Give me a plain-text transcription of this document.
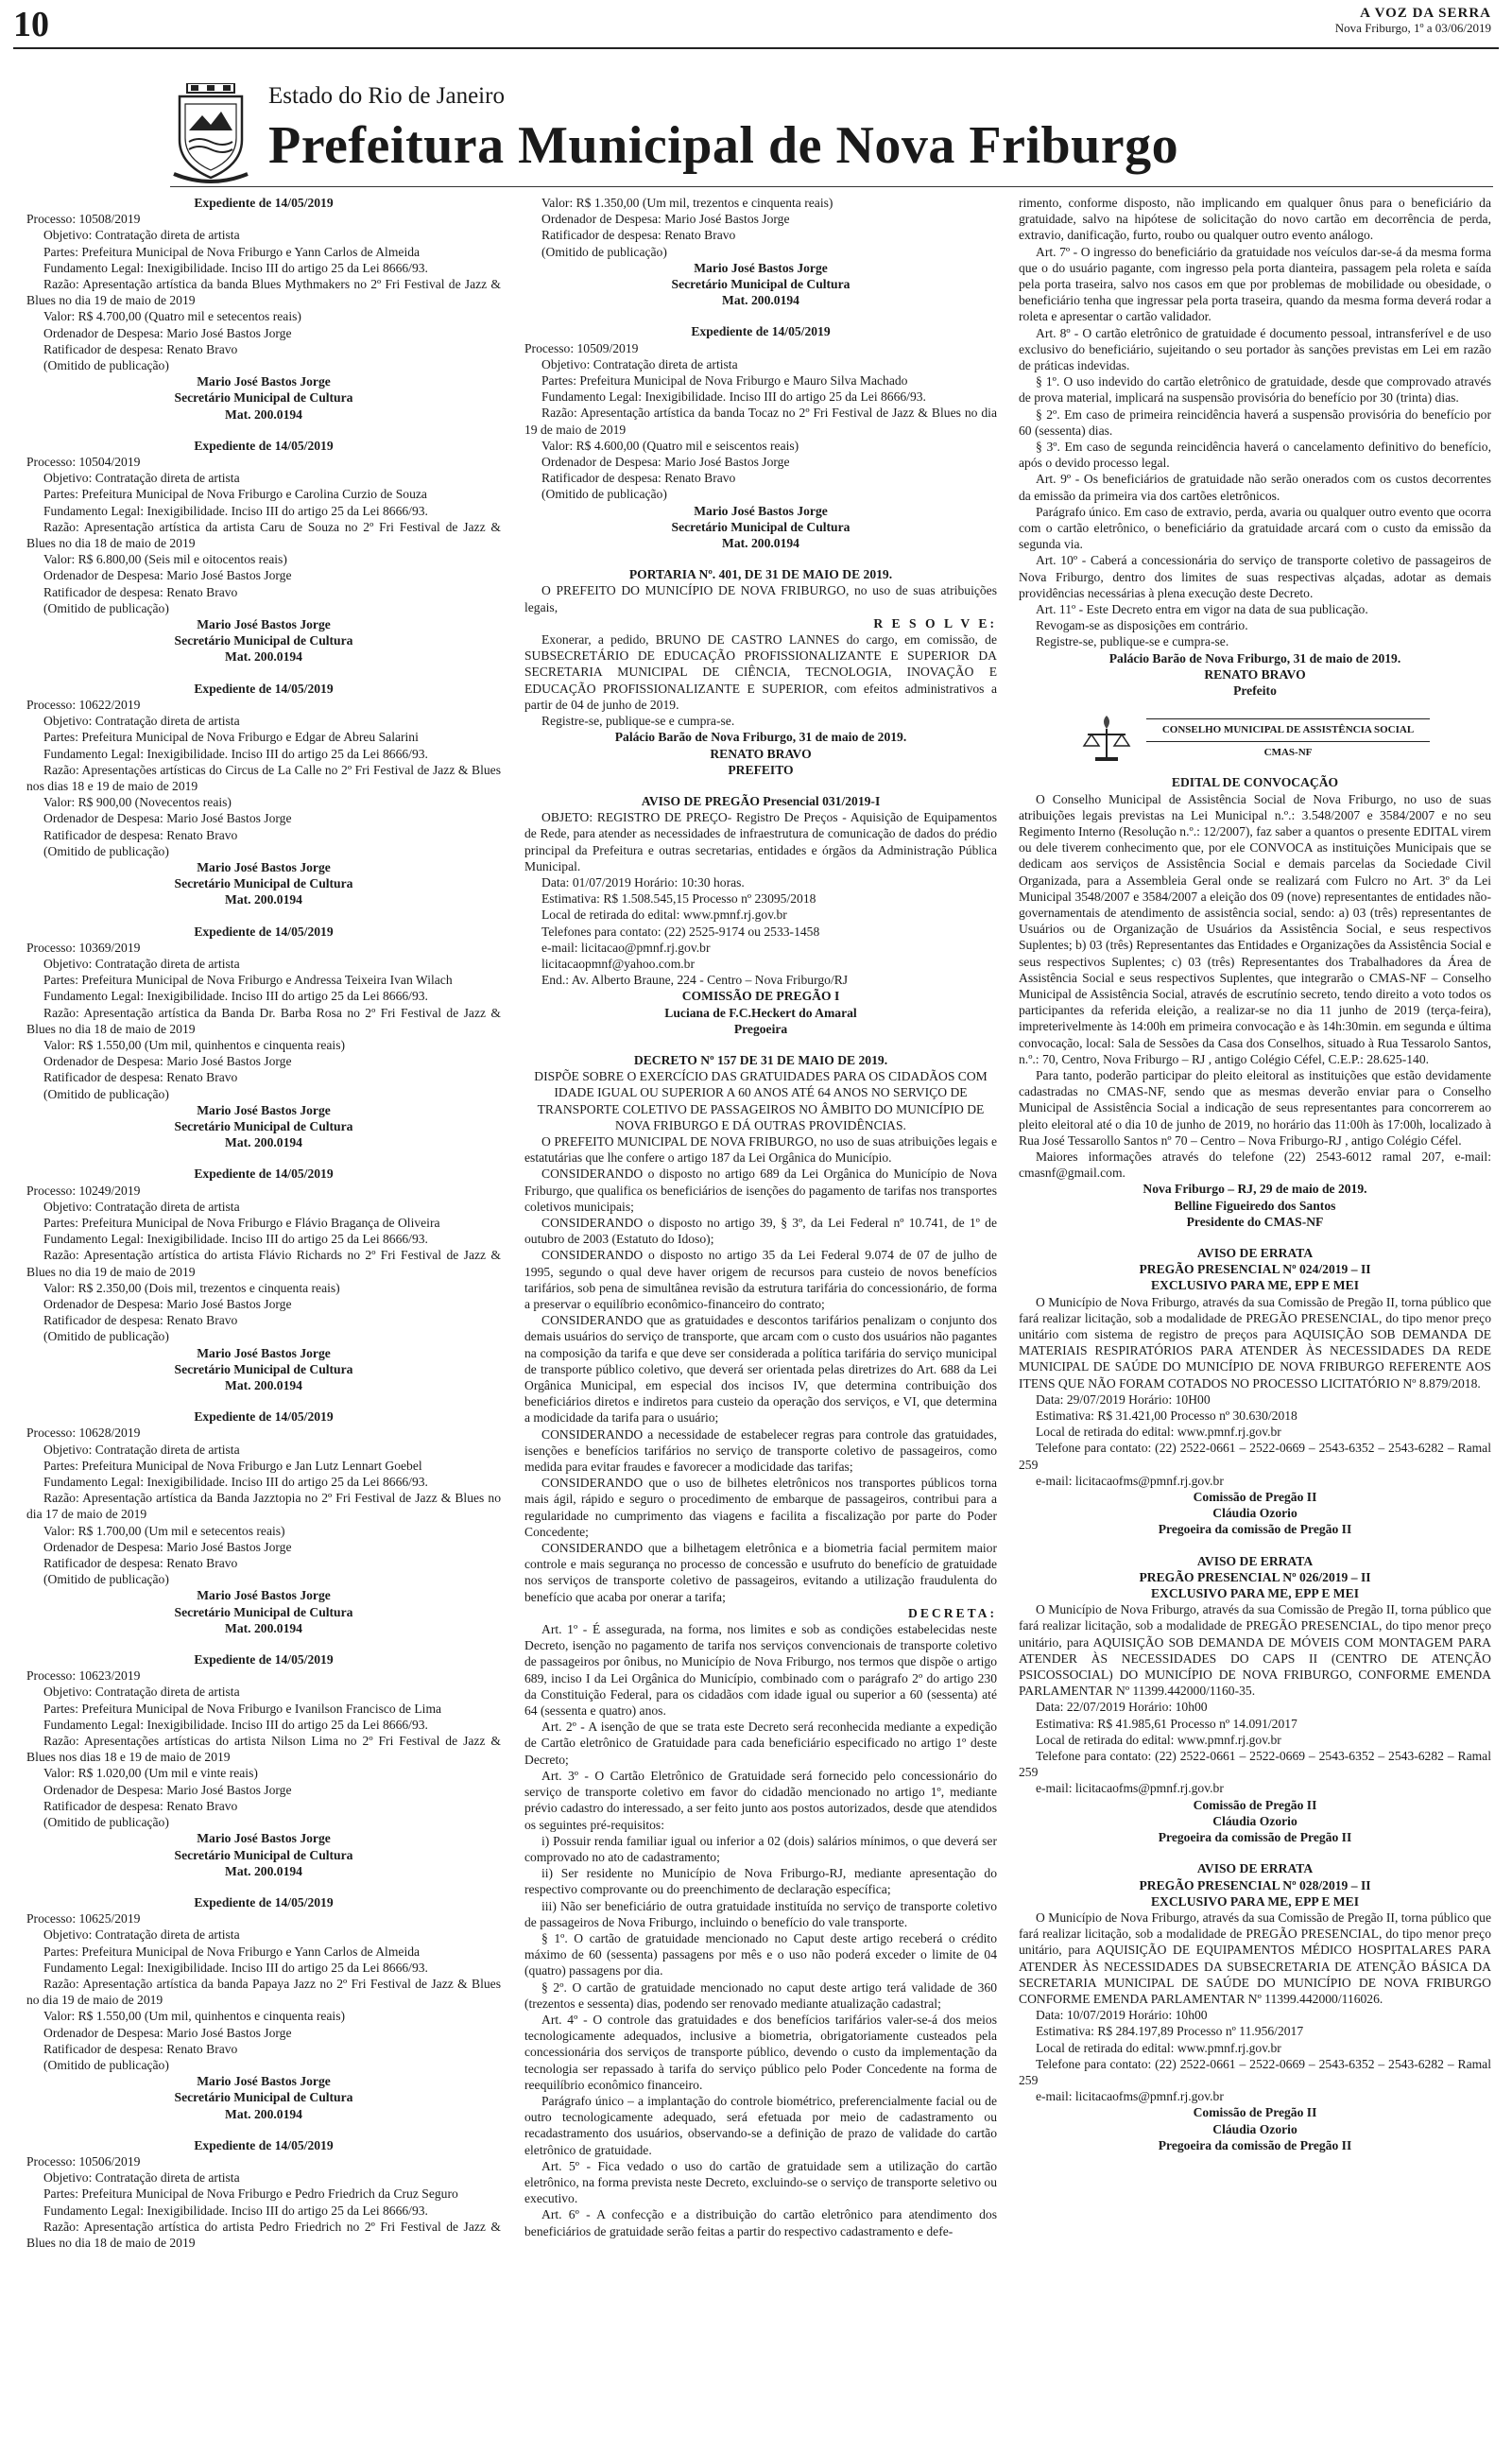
10	A VOZ DA SERRA
Nova Friburgo, 1º a 03/06/2019
Estado do Rio de Janeiro
Prefeitura Municipal de Nova Friburgo

Expediente de 14/05/2019

Processo: 10508/2019

Objetivo: Contratação direta de artista

Partes: Prefeitura Municipal de Nova Friburgo e Yann Carlos de Almeida

Fundamento Legal: Inexigibilidade. Inciso III do artigo 25 da Lei 8666/93.

Razão: Apresentação artística da banda Blues Mythmakers no 2º Fri Festival de Jazz & Blues no dia 19 de maio de 2019

Valor: R$ 4.700,00 (Quatro mil e setecentos reais)

Ordenador de Despesa: Mario José Bastos Jorge

Ratificador de despesa: Renato Bravo

(Omitido de publicação)

Mario José Bastos Jorge

Secretário Municipal de Cultura

Mat. 200.0194

Expediente de 14/05/2019

Processo: 10504/2019

Objetivo: Contratação direta de artista

Partes: Prefeitura Municipal de Nova Friburgo e Carolina Curzio de Souza

Fundamento Legal: Inexigibilidade. Inciso III do artigo 25 da Lei 8666/93.

Razão: Apresentação artística da artista Caru de Souza no 2º Fri Festival de Jazz & Blues no dia 18 de maio de 2019

Valor: R$ 6.800,00 (Seis mil e oitocentos reais)

Ordenador de Despesa: Mario José Bastos Jorge

Ratificador de despesa: Renato Bravo

(Omitido de publicação)

Mario José Bastos Jorge

Secretário Municipal de Cultura

Mat. 200.0194

Expediente de 14/05/2019

Processo: 10622/2019

Objetivo: Contratação direta de artista

Partes: Prefeitura Municipal de Nova Friburgo e Edgar de Abreu Salarini

Fundamento Legal: Inexigibilidade. Inciso III do artigo 25 da Lei 8666/93.

Razão: Apresentações artísticas do Circus de La Calle no 2º Fri Festival de Jazz & Blues nos dias 18 e 19 de maio de 2019

Valor: R$ 900,00 (Novecentos reais)

Ordenador de Despesa: Mario José Bastos Jorge

Ratificador de despesa: Renato Bravo

(Omitido de publicação)

Mario José Bastos Jorge

Secretário Municipal de Cultura

Mat. 200.0194

Expediente de 14/05/2019

Processo: 10369/2019

Objetivo: Contratação direta de artista

Partes: Prefeitura Municipal de Nova Friburgo e Andressa Teixeira Ivan Wilach

Fundamento Legal: Inexigibilidade. Inciso III do artigo 25 da Lei 8666/93.

Razão: Apresentação artística da Banda Dr. Barba Rosa no 2º Fri Festival de Jazz & Blues no dia 18 de maio de 2019

Valor: R$ 1.550,00 (Um mil, quinhentos e cinquenta reais)

Ordenador de Despesa: Mario José Bastos Jorge

Ratificador de despesa: Renato Bravo

(Omitido de publicação)

Mario José Bastos Jorge

Secretário Municipal de Cultura

Mat. 200.0194

Expediente de 14/05/2019

Processo: 10249/2019

Objetivo: Contratação direta de artista

Partes: Prefeitura Municipal de Nova Friburgo e Flávio Bragança de Oliveira

Fundamento Legal: Inexigibilidade. Inciso III do artigo 25 da Lei 8666/93.

Razão: Apresentação artística do artista Flávio Richards no 2º Fri Festival de Jazz & Blues no dia 19 de maio de 2019

Valor: R$ 2.350,00 (Dois mil, trezentos e cinquenta reais)

Ordenador de Despesa: Mario José Bastos Jorge

Ratificador de despesa: Renato Bravo

(Omitido de publicação)

Mario José Bastos Jorge

Secretário Municipal de Cultura

Mat. 200.0194

Expediente de 14/05/2019

Processo: 10628/2019

Objetivo: Contratação direta de artista

Partes: Prefeitura Municipal de Nova Friburgo e Jan Lutz Lennart Goebel

Fundamento Legal: Inexigibilidade. Inciso III do artigo 25 da Lei 8666/93.

Razão: Apresentação artística da Banda Jazztopia no 2º Fri Festival de Jazz & Blues no dia 17 de maio de 2019

Valor: R$ 1.700,00 (Um mil e setecentos reais)

Ordenador de Despesa: Mario José Bastos Jorge

Ratificador de despesa: Renato Bravo

(Omitido de publicação)

Mario José Bastos Jorge

Secretário Municipal de Cultura

Mat. 200.0194

Expediente de 14/05/2019

Processo: 10623/2019

Objetivo: Contratação direta de artista

Partes: Prefeitura Municipal de Nova Friburgo e Ivanilson Francisco de Lima

Fundamento Legal: Inexigibilidade. Inciso III do artigo 25 da Lei 8666/93.

Razão: Apresentações artísticas do artista Nilson Lima no 2º Fri Festival de Jazz & Blues nos dias 18 e 19 de maio de 2019

Valor: R$ 1.020,00 (Um mil e vinte reais)

Ordenador de Despesa: Mario José Bastos Jorge

Ratificador de despesa: Renato Bravo

(Omitido de publicação)

Mario José Bastos Jorge

Secretário Municipal de Cultura

Mat. 200.0194

Expediente de 14/05/2019

Processo: 10625/2019

Objetivo: Contratação direta de artista

Partes: Prefeitura Municipal de Nova Friburgo e Yann Carlos de Almeida

Fundamento Legal: Inexigibilidade. Inciso III do artigo 25 da Lei 8666/93.

Razão: Apresentação artística da banda Papaya Jazz no 2º Fri Festival de Jazz & Blues no dia 19 de maio de 2019

Valor: R$ 1.550,00 (Um mil, quinhentos e cinquenta reais)

Ordenador de Despesa: Mario José Bastos Jorge

Ratificador de despesa: Renato Bravo

(Omitido de publicação)

Mario José Bastos Jorge

Secretário Municipal de Cultura

Mat. 200.0194

Expediente de 14/05/2019

Processo: 10506/2019

Objetivo: Contratação direta de artista

Partes: Prefeitura Municipal de Nova Friburgo e Pedro Friedrich da Cruz Seguro

Fundamento Legal: Inexigibilidade. Inciso III do artigo 25 da Lei 8666/93.

Razão: Apresentação artística do artista Pedro Friedrich no 2º Fri Festival de Jazz & Blues no dia 18 de maio de 2019

Valor: R$ 1.350,00 (Um mil, trezentos e cinquenta reais)

Ordenador de Despesa: Mario José Bastos Jorge

Ratificador de despesa: Renato Bravo

(Omitido de publicação)

Mario José Bastos Jorge

Secretário Municipal de Cultura

Mat. 200.0194

Expediente de 14/05/2019

Processo: 10509/2019

Objetivo: Contratação direta de artista

Partes: Prefeitura Municipal de Nova Friburgo e Mauro Silva Machado

Fundamento Legal: Inexigibilidade. Inciso III do artigo 25 da Lei 8666/93.

Razão: Apresentação artística da banda Tocaz no 2º Fri Festival de Jazz & Blues no dia 19 de maio de 2019

Valor: R$ 4.600,00 (Quatro mil e seiscentos reais)

Ordenador de Despesa: Mario José Bastos Jorge

Ratificador de despesa: Renato Bravo

(Omitido de publicação)

Mario José Bastos Jorge

Secretário Municipal de Cultura

Mat. 200.0194

PORTARIA Nº. 401, DE 31 DE MAIO DE 2019.

O PREFEITO DO MUNICÍPIO DE NOVA FRIBURGO, no uso de suas atribuições legais,

R E S O L V E:

Exonerar, a pedido, BRUNO DE CASTRO LANNES do cargo, em comissão, de SUBSECRETÁRIO DE EDUCAÇÃO PROFISSIONALIZANTE E SUPERIOR DA SECRETARIA MUNICIPAL DE CIÊNCIA, TECNOLOGIA, INOVAÇÃO E EDUCAÇÃO PROFISSIONALIZANTE E SUPERIOR, com efeitos administrativos a partir de 04 de junho de 2019.

Registre-se, publique-se e cumpra-se.

Palácio Barão de Nova Friburgo, 31 de maio de 2019.

RENATO BRAVO

PREFEITO

AVISO DE PREGÃO Presencial 031/2019-I

OBJETO: REGISTRO DE PREÇO- Registro De Preços - Aquisição de Equipamentos de Rede, para atender as necessidades de infraestrutura de comunicação de dados do prédio principal da Prefeitura e outras secretarias, entidades e órgãos da Administração Pública Municipal.

Data: 01/07/2019 Horário: 10:30 horas.

Estimativa: R$ 1.508.545,15 Processo nº 23095/2018

Local de retirada do edital: www.pmnf.rj.gov.br

Telefones para contato: (22) 2525-9174 ou 2533-1458

e-mail: licitacao@pmnf.rj.gov.br

licitacaopmnf@yahoo.com.br

End.: Av. Alberto Braune, 224 - Centro – Nova Friburgo/RJ

COMISSÃO DE PREGÃO I

Luciana de F.C.Heckert do Amaral

Pregoeira

DECRETO Nº 157 DE 31 DE MAIO DE 2019.

DISPÕE SOBRE O EXERCÍCIO DAS GRATUIDADES PARA OS CIDADÃOS COM IDADE IGUAL OU SUPERIOR A 60 ANOS ATÉ 64 ANOS NO SERVIÇO DE TRANSPORTE COLETIVO DE PASSAGEIROS NO ÂMBITO DO MUNICÍPIO DE NOVA FRIBURGO E DÁ OUTRAS PROVIDÊNCIAS.

O PREFEITO MUNICIPAL DE NOVA FRIBURGO, no uso de suas atribuições legais e estatutárias que lhe confere o artigo 187 da Lei Orgânica do Município.

CONSIDERANDO o disposto no artigo 689 da Lei Orgânica do Município de Nova Friburgo, que qualifica os beneficiários de isenções do pagamento de tarifas nos transportes coletivos municipais;

CONSIDERANDO o disposto no artigo 39, § 3º, da Lei Federal nº 10.741, de 1º de outubro de 2003 (Estatuto do Idoso);

CONSIDERANDO o disposto no artigo 35 da Lei Federal 9.074 de 07 de julho de 1995, segundo o qual deve haver origem de recursos para custeio de novos benefícios tarifários, sob pena de simultânea revisão da estrutura tarifária do concessionário, de forma a preservar o equilíbrio econômico-financeiro do contrato;

CONSIDERANDO que as gratuidades e descontos tarifários penalizam o conjunto dos demais usuários do serviço de transporte, que arcam com o custo dos usuários não pagantes na composição da tarifa e que deve ser considerada a política tarifária do serviço municipal de transporte público coletivo, que deverá ser orientada pelas diretrizes do Art. 688 da Lei Orgânica Municipal, em especial dos incisos IV, que determina contribuição dos beneficiários diretos e indiretos para custeio da operação dos serviços, e VI, que determina a modicidade da tarifa para o usuário;

CONSIDERANDO a necessidade de estabelecer regras para controle das gratuidades, isenções e benefícios tarifários no serviço de transporte coletivo de passageiros, como medida para evitar fraudes e favorecer a modicidade das tarifas;

CONSIDERANDO que o uso de bilhetes eletrônicos nos transportes públicos torna mais ágil, rápido e seguro o procedimento de embarque de passageiros, contribui para a regularidade no cumprimento das viagens e facilita a fiscalização por parte do Poder Concedente;

CONSIDERANDO que a bilhetagem eletrônica e a biometria facial permitem maior controle e mais segurança no processo de concessão e usufruto do benefício de gratuidade nos serviços de transporte coletivo de passageiros, evitando a utilização fraudulenta do benefício que acaba por onerar a tarifa;

DECRETA:

Art. 1º - É assegurada, na forma, nos limites e sob as condições estabelecidas neste Decreto, isenção no pagamento de tarifa nos serviços convencionais de transporte coletivo de passageiros por ônibus, no Município de Nova Friburgo, nos termos que dispõe o artigo 689, inciso I da Lei Orgânica do Município, combinado com o parágrafo 2º do artigo 230 da Constituição Federal, para os cidadãos com idade igual ou superior a 60 (sessenta) até 64 (sessenta e quatro) anos.

Art. 2º - A isenção de que se trata este Decreto será reconhecida mediante a expedição de Cartão eletrônico de Gratuidade para cada beneficiário especificado no artigo 1º deste Decreto;

Art. 3º - O Cartão Eletrônico de Gratuidade será fornecido pelo concessionário do serviço de transporte coletivo em favor do cidadão mencionado no artigo 1º, mediante prévio cadastro do interessado, a ser feito junto aos postos autorizados, desde que atendidos os seguintes pré-requisitos:

i) Possuir renda familiar igual ou inferior a 02 (dois) salários mínimos, o que deverá ser comprovado no ato de cadastramento;

ii) Ser residente no Município de Nova Friburgo-RJ, mediante apresentação do respectivo comprovante ou do preenchimento de declaração específica;

iii) Não ser beneficiário de outra gratuidade instituída no serviço de transporte coletivo de passageiros de Nova Friburgo, incluindo o benefício do vale transporte.

§ 1º. O cartão de gratuidade mencionado no Caput deste artigo receberá o crédito máximo de 60 (sessenta) passagens por mês e o uso não poderá exceder o limite de 04 (quatro) passagens por dia.

§ 2º. O cartão de gratuidade mencionado no caput deste artigo terá validade de 360 (trezentos e sessenta) dias, podendo ser renovado mediante atualização cadastral;

Art. 4º - O controle das gratuidades e dos benefícios tarifários valer-se-á dos meios tecnologicamente adequados, inclusive a biometria, obrigatoriamente custeados pela concessionária dos serviços de transporte público, devendo o custo da implementação da tecnologia ser repassado à tarifa do serviço público pelo Poder Concedente na forma de reequilíbrio econômico financeiro.

Parágrafo único – a implantação do controle biométrico, preferencialmente facial ou de outro tecnologicamente adequado, será efetuada por meio de cadastramento ou recadastramento dos usuários, observando-se a definição de prazo de validade do cartão eletrônico de gratuidade.

Art. 5º - Fica vedado o uso do cartão de gratuidade sem a utilização do cartão eletrônico, na forma prevista neste Decreto, excluindo-se o serviço de transporte seletivo ou executivo.

Art. 6º - A confecção e a distribuição do cartão eletrônico para atendimento dos beneficiários de gratuidade serão feitas a partir do respectivo cadastramento e defe-

rimento, conforme disposto, não implicando em qualquer ônus para o beneficiário da gratuidade, salvo na hipótese de solicitação do novo cartão em decorrência de perda, extravio, danificação, furto, roubo ou qualquer outro evento análogo.

Art. 7º - O ingresso do beneficiário da gratuidade nos veículos dar-se-á da mesma forma que o do usuário pagante, com ingresso pela porta dianteira, passagem pela roleta e saída pela porta traseira, salvo nos casos em que por problemas de mobilidade ou obesidade, o beneficiário tenha que ingressar pela porta traseira, quando da mesma forma deverá rodar a roleta e apresentar o cartão validador.

Art. 8º - O cartão eletrônico de gratuidade é documento pessoal, intransferível e de uso exclusivo do beneficiário, sujeitando o seu portador às sanções previstas em Lei em razão de práticas indevidas.

§ 1º. O uso indevido do cartão eletrônico de gratuidade, desde que comprovado através de prova material, implicará na suspensão provisória do benefício por 30 (trinta) dias.

§ 2º. Em caso de primeira reincidência haverá a suspensão provisória do benefício por 60 (sessenta) dias.

§ 3º. Em caso de segunda reincidência haverá o cancelamento definitivo do benefício, após o devido processo legal.

Art. 9º - Os beneficiários de gratuidade não serão onerados com os custos decorrentes da emissão da primeira via dos cartões eletrônicos.

Parágrafo único. Em caso de extravio, perda, avaria ou qualquer outro evento que ocorra com o cartão eletrônico, o beneficiário da gratuidade arcará com o custo da emissão da segunda via.

Art. 10º - Caberá a concessionária do serviço de transporte coletivo de passageiros de Nova Friburgo, dentro dos limites de suas respectivas alçadas, adotar as demais providências necessárias à plena execução deste Decreto.

Art. 11º - Este Decreto entra em vigor na data de sua publicação.

Revogam-se as disposições em contrário.

Registre-se, publique-se e cumpra-se.

Palácio Barão de Nova Friburgo, 31 de maio de 2019.

RENATO BRAVO

Prefeito

CONSELHO MUNICIPAL DE ASSISTÊNCIA SOCIAL
CMAS-NF

EDITAL DE CONVOCAÇÃO

O Conselho Municipal de Assistência Social de Nova Friburgo, no uso de suas atribuições legais previstas na Lei Municipal n.º.: 3.548/2007 e 3584/2007 e no seu Regimento Interno (Resolução n.º.: 12/2007), faz saber a quantos o presente EDITAL virem ou dele tiverem conhecimento que, por ele CONVOCA as instituições Municipais que se dedicam aos serviços de Assistência Social e demais parcelas da Sociedade Civil Organizada, para a Assembleia Geral onde se realizará com Fulcro no Art. 3º da Lei Municipal 3548/2007 e 3584/2007 a eleição dos 09 (nove) representantes de entidades não-governamentais de atendimento de assistência social, sendo: a) 03 (três) representantes de Usuários ou de Organização de Usuários da Assistência Social, e seus respectivos Suplentes; b) 03 (três) Representantes das Entidades e Organizações da Assistência Social e seus respectivos Suplentes; c) 03 (três) Representantes dos Trabalhadores da Área de Assistência Social e seus respectivos Suplentes, que integrarão o CMAS-NF – Conselho Municipal de Assistência Social, através de escrutínio secreto, tendo direito a voto todos os participantes da referida eleição, a realizar-se no dia 11 junho de 2019 (terça-feira), impreterivelmente às 14:00h em primeira convocação e às 14h:30min. em segunda e última convocação, local: Sala de Sessões da Casa dos Conselhos, situado à Rua Tessarolo Santos, n.º.: 70, Centro, Nova Friburgo – RJ , antigo Colégio Céfel, C.E.P.: 28.625-140.

Para tanto, poderão participar do pleito eleitoral as instituições que estão devidamente cadastradas no CMAS-NF, sendo que as mesmas deverão enviar para o Conselho Municipal de Assistência Social a indicação de seus representantes para concorrerem ao pleito eleitoral até o dia 10 de junho de 2019, no horário das 11:00h às 17:00h, localizado à Rua José Tessarollo Santos nº 70 – Centro – Nova Friburgo-RJ , antigo Colégio Céfel.

Maiores informações através do telefone (22) 2543-6012 ramal 207, e-mail: cmasnf@gmail.com.

Nova Friburgo – RJ, 29 de maio de 2019.

Belline Figueiredo dos Santos

Presidente do CMAS-NF

AVISO DE ERRATA

PREGÃO PRESENCIAL Nº 024/2019 – II

EXCLUSIVO PARA ME, EPP E MEI

O Município de Nova Friburgo, através da sua Comissão de Pregão II, torna público que fará realizar licitação, sob a modalidade de PREGÃO PRESENCIAL, do tipo menor preço unitário com sistema de registro de preços para AQUISIÇÃO SOB DEMANDA DE MATERIAIS RESPIRATÓRIOS PARA ATENDER ÀS NECESSIDADES DA REDE MUNICIPAL DE SAÚDE DO MUNICÍPIO DE NOVA FRIBURGO REFERENTE AOS ITENS QUE NÃO FORAM COTADOS NO PROCESSO LICITATÓRIO Nº 8.879/2018.

Data: 29/07/2019 Horário: 10H00

Estimativa: R$ 31.421,00 Processo nº 30.630/2018

Local de retirada do edital: www.pmnf.rj.gov.br

Telefone para contato: (22) 2522-0661 – 2522-0669 – 2543-6352 – 2543-6282 – Ramal 259

e-mail: licitacaofms@pmnf.rj.gov.br

Comissão de Pregão II

Cláudia Ozorio

Pregoeira da comissão de Pregão II

AVISO DE ERRATA

PREGÃO PRESENCIAL Nº 026/2019 – II

EXCLUSIVO PARA ME, EPP E MEI

O Município de Nova Friburgo, através da sua Comissão de Pregão II, torna público que fará realizar licitação, sob a modalidade de PREGÃO PRESENCIAL, do tipo menor preço unitário, para AQUISIÇÃO SOB DEMANDA DE MÓVEIS COM MONTAGEM PARA ATENDER ÀS NECESSIDADES DO CAPS II (CENTRO DE ATENÇÃO PSICOSSOCIAL) DO MUNICÍPIO DE NOVA FRIBURGO, CONFORME EMENDA PARLAMENTAR Nº 11399.442000/1160-35.

Data: 22/07/2019 Horário: 10h00

Estimativa: R$ 41.985,61 Processo nº 14.091/2017

Local de retirada do edital: www.pmnf.rj.gov.br

Telefone para contato: (22) 2522-0661 – 2522-0669 – 2543-6352 – 2543-6282 – Ramal 259

e-mail: licitacaofms@pmnf.rj.gov.br

Comissão de Pregão II

Cláudia Ozorio

Pregoeira da comissão de Pregão II

AVISO DE ERRATA

PREGÃO PRESENCIAL Nº 028/2019 – II

EXCLUSIVO PARA ME, EPP E MEI

O Município de Nova Friburgo, através da sua Comissão de Pregão II, torna público que fará realizar licitação, sob a modalidade de PREGÃO PRESENCIAL, do tipo menor preço unitário, para AQUISIÇÃO DE EQUIPAMENTOS MÉDICO HOSPITALARES PARA ATENDER ÀS NECESSIDADES DA SUBSECRETARIA DE ATENÇÃO BÁSICA DA SECRETARIA MUNICIPAL DE SAÚDE DO MUNICÍPIO DE NOVA FRIBURGO CONFORME EMENDA PARLAMENTAR Nº 11399.442000/116026.

Data: 10/07/2019 Horário: 10h00

Estimativa: R$ 284.197,89 Processo nº 11.956/2017

Local de retirada do edital: www.pmnf.rj.gov.br

Telefone para contato: (22) 2522-0661 – 2522-0669 – 2543-6352 – 2543-6282 – Ramal 259

e-mail: licitacaofms@pmnf.rj.gov.br

Comissão de Pregão II

Cláudia Ozorio

Pregoeira da comissão de Pregão II
